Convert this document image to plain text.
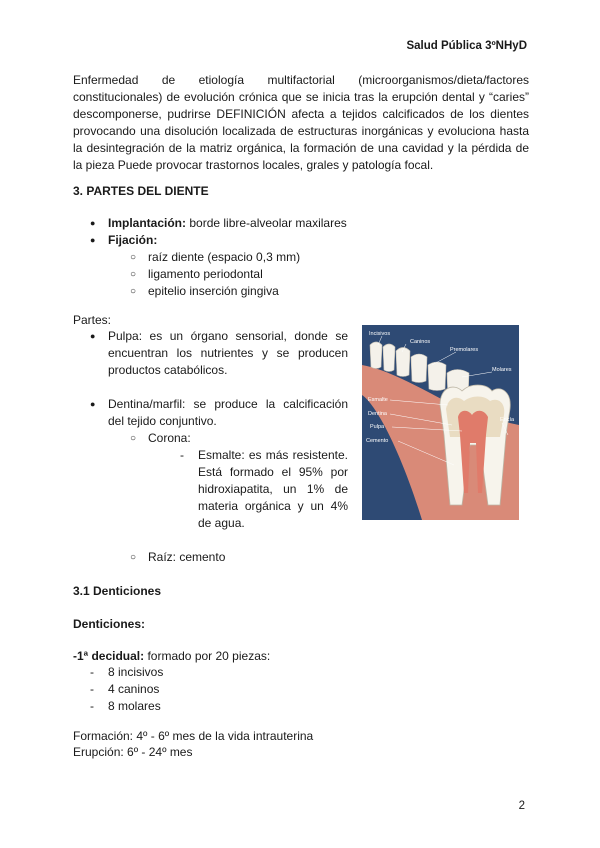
Salud Pública 3ºNHyD
Enfermedad de etiología multifactorial (microorganismos/dieta/factores constitucionales) de evolución crónica que se inicia tras la erupción dental y “caries” descomponerse, pudrirse DEFINICIÓN afecta a tejidos calcificados de los dientes provocando una disolución localizada de estructuras inorgánicas y evoluciona hasta la desintegración de la matriz orgánica, la formación de una cavidad y la pérdida de la pieza Puede provocar trastornos locales, grales y patología focal.
3. PARTES DEL DIENTE
● Implantación: borde libre-alveolar maxilares
● Fijación:
○ raíz diente (espacio 0,3 mm)
○ ligamento periodontal
○ epitelio inserción gingiva
Partes:
● Pulpa: es un órgano sensorial, donde se encuentran los nutrientes y se producen productos catabólicos.
● Dentina/marfil: se produce la calcificación del tejido conjuntivo.
○ Corona:
- Esmalte: es más resistente. Está formado el 95% por hidroxiapatita, un 1% de materia orgánica y un 4% de agua.
○ Raíz: cemento
Incisivos
Caninos
Premolares
Molares
Esmalte
Dentina
Pulpa
Cemento
Encía
3.1 Denticiones
Denticiones:
-1ª decidual: formado por 20 piezas:
- 8 incisivos
- 4 caninos
- 8 molares
Formación: 4º - 6º mes de la vida intrauterina
Erupción: 6º - 24º mes
2
